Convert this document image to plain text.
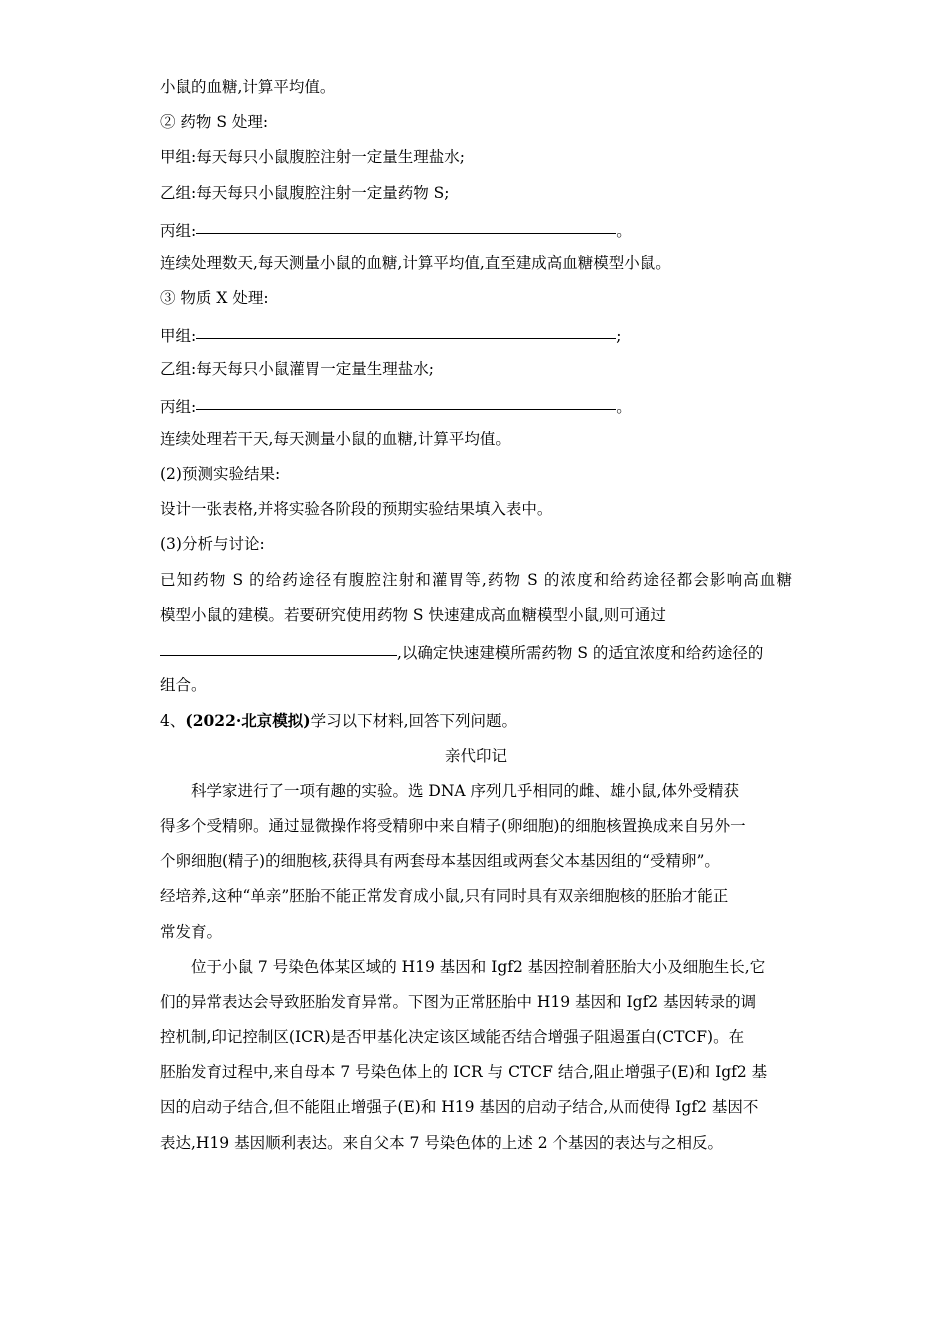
小鼠的血糖,计算平均值。
② 药物 S 处理:
甲组:每天每只小鼠腹腔注射一定量生理盐水;
乙组:每天每只小鼠腹腔注射一定量药物 S;
丙组:	。
连续处理数天,每天测量小鼠的血糖,计算平均值,直至建成高血糖模型小鼠。
③ 物质 X 处理:
甲组:	;
乙组:每天每只小鼠灌胃一定量生理盐水;
丙组:	。
连续处理若干天,每天测量小鼠的血糖,计算平均值。
(2)预测实验结果:
设计一张表格,并将实验各阶段的预期实验结果填入表中。
(3)分析与讨论:
已知药物 S 的给药途径有腹腔注射和灌胃等,药物 S 的浓度和给药途径都会影响高血糖
模型小鼠的建模。若要研究使用药物 S 快速建成高血糖模型小鼠,则可通过
,以确定快速建模所需药物 S 的适宜浓度和给药途径的
组合。
4、(2022·北京模拟)学习以下材料,回答下列问题。
亲代印记
科学家进行了一项有趣的实验。选 DNA 序列几乎相同的雌、雄小鼠,体外受精获
得多个受精卵。通过显微操作将受精卵中来自精子(卵细胞)的细胞核置换成来自另外一
个卵细胞(精子)的细胞核,获得具有两套母本基因组或两套父本基因组的“受精卵”。
经培养,这种“单亲”胚胎不能正常发育成小鼠,只有同时具有双亲细胞核的胚胎才能正
常发育。
位于小鼠 7 号染色体某区域的 H19 基因和 Igf2 基因控制着胚胎大小及细胞生长,它
们的异常表达会导致胚胎发育异常。下图为正常胚胎中 H19 基因和 Igf2 基因转录的调
控机制,印记控制区(ICR)是否甲基化决定该区域能否结合增强子阻遏蛋白(CTCF)。在
胚胎发育过程中,来自母本 7 号染色体上的 ICR 与 CTCF 结合,阻止增强子(E)和 Igf2 基
因的启动子结合,但不能阻止增强子(E)和 H19 基因的启动子结合,从而使得 Igf2 基因不
表达,H19 基因顺利表达。来自父本 7 号染色体的上述 2 个基因的表达与之相反。
